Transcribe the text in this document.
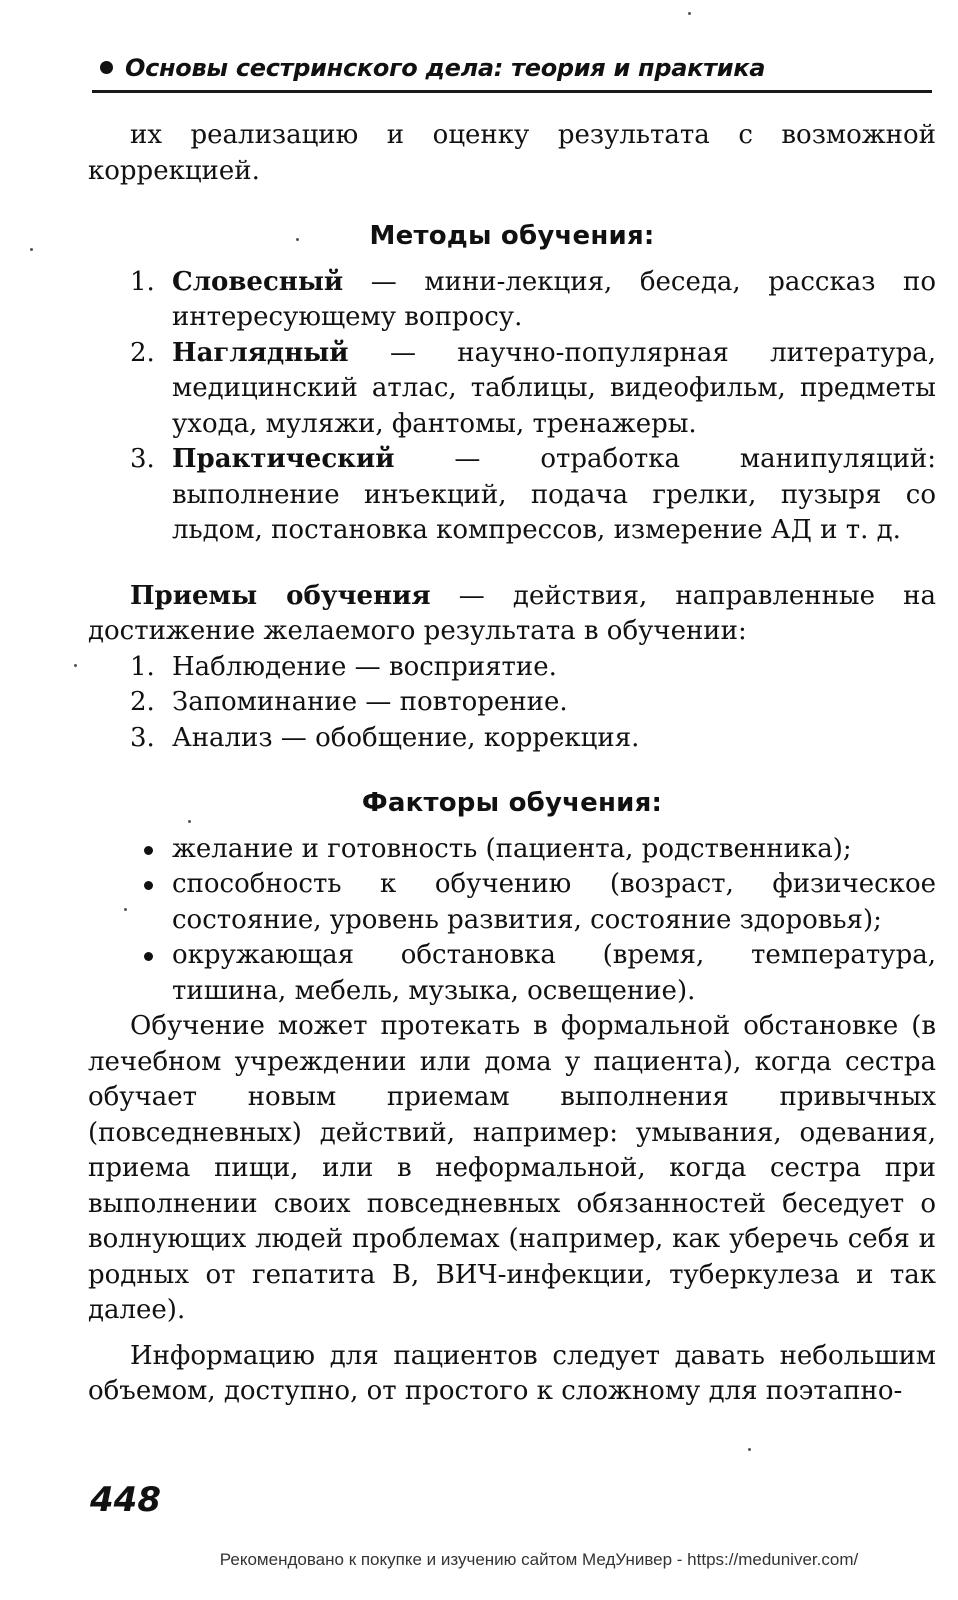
Основы сестринского дела: теория и практика

их реализацию и оценку результата с возможной коррекцией.

Методы обучения:

1. Словесный — мини-лекция, беседа, рассказ по интересующему вопросу.
2. Наглядный — научно-популярная литература, медицинский атлас, таблицы, видеофильм, предметы ухода, муляжи, фантомы, тренажеры.
3. Практический — отработка манипуляций: выполнение инъекций, подача грелки, пузыря со льдом, постановка компрессов, измерение АД и т. д.

Приемы обучения — действия, направленные на достижение желаемого результата в обучении:

1. Наблюдение — восприятие.
2. Запоминание — повторение.
3. Анализ — обобщение, коррекция.

Факторы обучения:

желание и готовность (пациента, родственника);
способность к обучению (возраст, физическое состояние, уровень развития, состояние здоровья);
окружающая обстановка (время, температура, тишина, мебель, музыка, освещение).

Обучение может протекать в формальной обстановке (в лечебном учреждении или дома у пациента), когда сестра обучает новым приемам выполнения привычных (повседневных) действий, например: умывания, одевания, приема пищи, или в неформальной, когда сестра при выполнении своих повседневных обязанностей беседует о волнующих людей проблемах (например, как уберечь себя и родных от гепатита В, ВИЧ-инфекции, туберкулеза и так далее).

Информацию для пациентов следует давать небольшим объемом, доступно, от простого к сложному для поэтапно-

448
Рекомендовано к покупке и изучению сайтом МедУнивер - https://meduniver.com/
